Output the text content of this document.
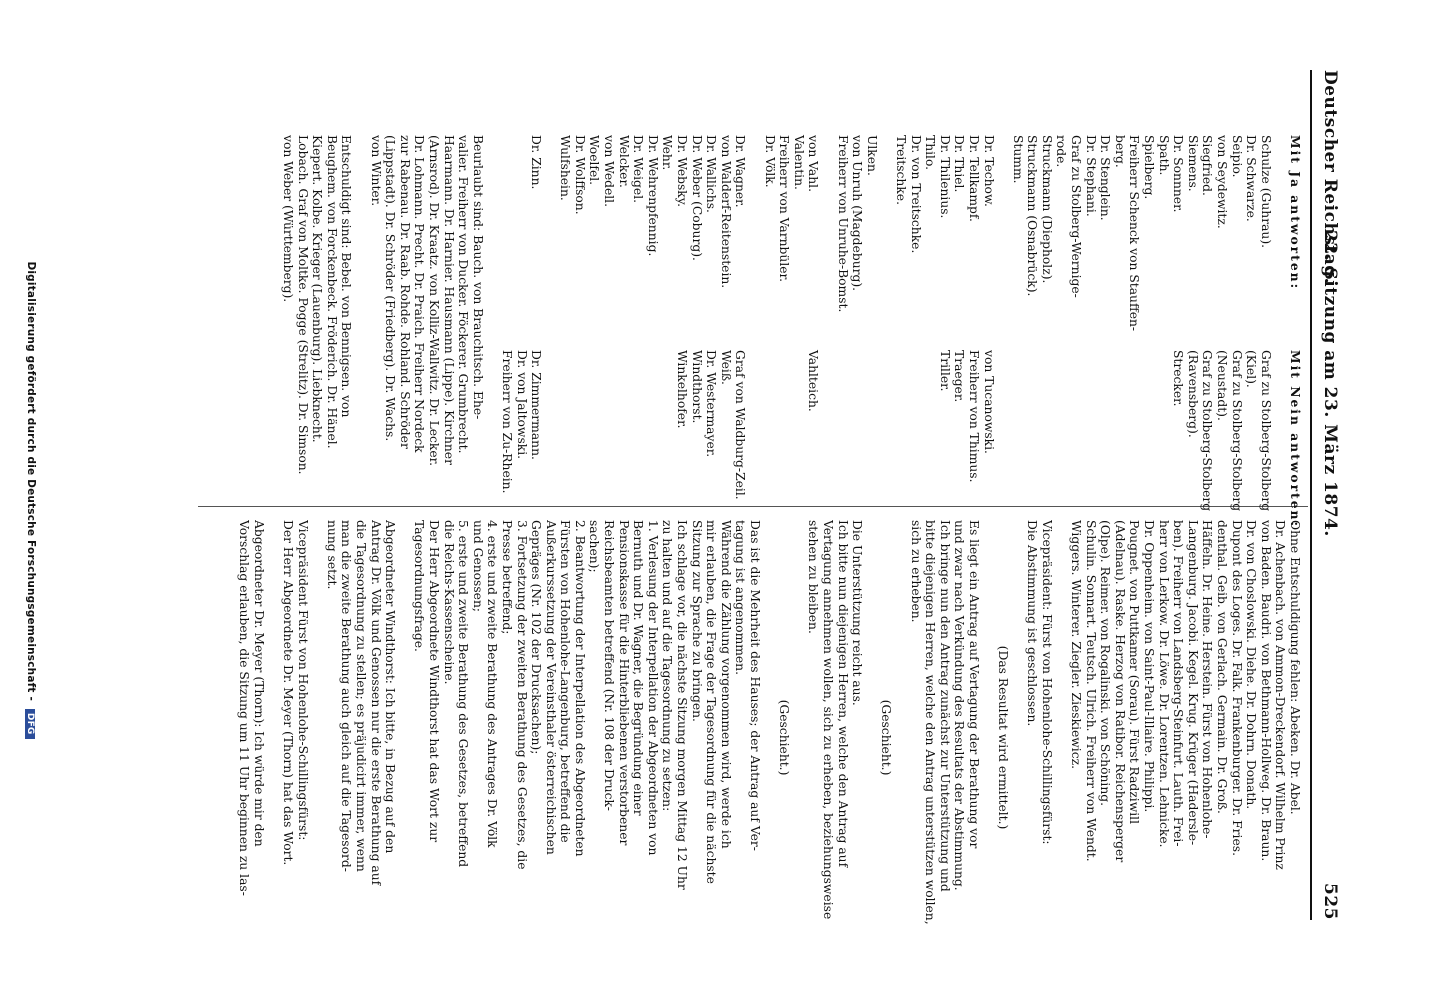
Deutscher Reichstag.
22. Sitzung am 23. März 1874.
525
Mit Ja antworten:
Mit Nein antworten:
Schulze (Guhrau).
Graf zu Stolberg-Stolberg
Dr. Schwarze.
(Kiel).
Seipio.
Graf zu Stolberg-Stolberg
von Seydewitz.
(Neustadt).
Siegfried.
Graf zu Stolberg-Stolberg
Siemens.
(Ravensberg).
Dr. Sonnner.
Strecker.
Spath.
Spielberg.
Freiherr Schenck von Stauffen-
berg.
Dr. Stenglein.
Dr. Stephani.
Graf zu Stolberg-Wernige-
rode.
Struckmann (Diepholz).
Struckmann (Osnabrück).
Stumm.
Dr. Techow.
von Tucanowski.
Dr. Tellkampf.
Freiherr von Thimus.
Dr. Thiel.
Traeger.
Dr. Thilenius.
Triller.
Thilo.
Dr. von Treitschke.
Treitschke.
Ulken.
von Unruh (Magdeburg).
Freiherr von Unruhe-Bomst.
von Vahl.
Vahlteich.
Valentin.
Freiherr von Varnbüler.
Dr. Völk.
Dr. Wagner.
Graf von Waldburg-Zeil.
von Walderf-Reitenstein.
Weiß.
Dr. Wallichs.
Dr. Westermayer.
Dr. Weber (Coburg).
Windthorst.
Dr. Websky.
Winkelhofer.
Wehr.
Dr. Wehrenpfennig.
Dr. Weigel.
Welcker.
von Wedell.
Woelfel.
Dr. Wolffson.
Wulfshein.
Dr. Zinn.
Dr. Zimmermann.
Dr. von Jaltowski.
Freiherr von Zu-Rhein.
Beurlaubt sind: Bauch. von Brauchitsch. Ehe-
valier. Freiherr von Ducker. Föckerer. Grumbrecht.
Haarmann. Dr. Harnier. Hausmann (Lippe). Kirchner
(Arnsrod). Dr. Kraatz. von Kolliz-Wallwitz. Dr. Lecker.
Dr. Lohmann. Precht. Dr. Praich. Freiherr Nordeck
zur Rabenau. Dr. Raab. Rohde. Rohland. Schröder
(Lippstadt). Dr. Schröder (Friedberg). Dr. Wachs.
von Winter.
Entschuldigt sind: Bebel. von Bennigsen. von
Beughem. von Forckenbeck. Fröderich. Dr. Hänel.
Kiepert. Kolbe. Krieger (Lauenburg). Liebknecht.
Lobach. Graf von Moltke. Pogge (Strelitz). Dr. Simson.
von Weber (Württemberg).
Ohne Entschuldigung fehlen: Abeken. Dr. Abel.
Dr. Achenbach. von Ammon-Dreckendorf. Wilhelm Prinz
von Baden. Baudri. von Bethmann-Hollweg. Dr. Braun.
Dr. von Choslowski. Diehe. Dr. Dohrn. Donath.
Dupont des Loges. Dr. Falk. Frankenburger. Dr. Fries.
denthal. Geib. von Gerlach. Germain. Dr. Groß.
Häffeln. Dr. Heine. Herstein. Fürst von Hohenlohe-
Langenburg. Jacobi. Kegel. Krug. Krüger (Hadersle-
ben). Freiherr von Landsberg-Steinfurt. Lauth. Frei-
herr von Lerkow. Dr. Löwe. Dr. Lorentzen. Lehnicke.
Dr. Oppenheim. von Saint-Paul-Illaire. Philippi.
Pougnet. von Puttkamer (Sorau). Fürst Radziwill
(Adelnau). Raske. Herzog von Ratibor. Reichensperger
(Olpe). Reimer. von Rogalinski. von Schöning.
Schulin. Sonnart. Teutsch. Ulrich. Freiherr von Wendt.
Wiggers. Winterer. Ziegler. Zieskiewicz.
Vicepräsident: Fürst von Hohenlohe-Schillingsfürst:
Die Abstimmung ist geschlossen.
(Das Resultat wird ermittelt.)
Es liegt ein Antrag auf Vertagung der Berathung vor
und zwar nach Verkündung des Resultats der Abstimmung.
Ich bringe nun den Antrag zunächst zur Unterstützung und
bitte diejenigen Herren, welche den Antrag unterstützen wollen,
sich zu erheben.
(Geschieht.)
Die Unterstützung reicht aus.
Ich bitte nun diejenigen Herren, welche den Antrag auf
Vertagung annehmen wollen, sich zu erheben, beziehungsweise
stehen zu bleiben.
(Geschieht.)
Das ist die Mehrheit des Hauses; der Antrag auf Ver-
tagung ist angenommen.
Während die Zählung vorgenommen wird, werde ich
mir erlauben, die Frage der Tagesordnung für die nächste
Sitzung zur Sprache zu bringen.
Ich schlage vor, die nächste Sitzung morgen Mittag 12 Uhr
zu halten und auf die Tagesordnung zu setzen:
1. Verlesung der Interpellation der Abgeordneten von
Bernuth und Dr. Wagner, die Begründung einer
Pensionskasse für die Hinterbliebenen verstorbener
Reichsbeamten betreffend (Nr. 108 der Druck-
sachen);
2. Beantwortung der Interpellation des Abgeordneten
Fürsten von Hohenlohe-Langenburg, betreffend die
Außerkurssetzung der Vereinsthaler österreichischen
Gepräges (Nr. 102 der Drucksachen);
3. Fortsetzung der zweiten Berathung des Gesetzes, die
Presse betreffend;
4. erste und zweite Berathung des Antrages Dr. Völk
und Genossen;
5. erste und zweite Berathung des Gesetzes, betreffend
die Reichs-Kassenscheine.
Der Herr Abgeordnete Windthorst hat das Wort zur
Tagesordnungsfrage.
Abgeordneter Windthorst: Ich bitte, in Bezug auf den
Antrag Dr. Völk und Genossen nur die erste Berathung auf
die Tagesordnung zu stellen; es präjudicirt immer, wenn
man die zweite Berathung auch gleich auf die Tagesord-
nung setzt.
Vicepräsident Fürst von Hohenlohe-Schillingsfürst:
Der Herr Abgeordnete Dr. Meyer (Thorn) hat das Wort.
Abgeordneter Dr. Meyer (Thorn): Ich würde mir den
Vorschlag erlauben, die Sitzung um 11 Uhr beginnen zu las-
Digitalisierung gefördert durch die Deutsche Forschungsgemeinschaft - DFG
